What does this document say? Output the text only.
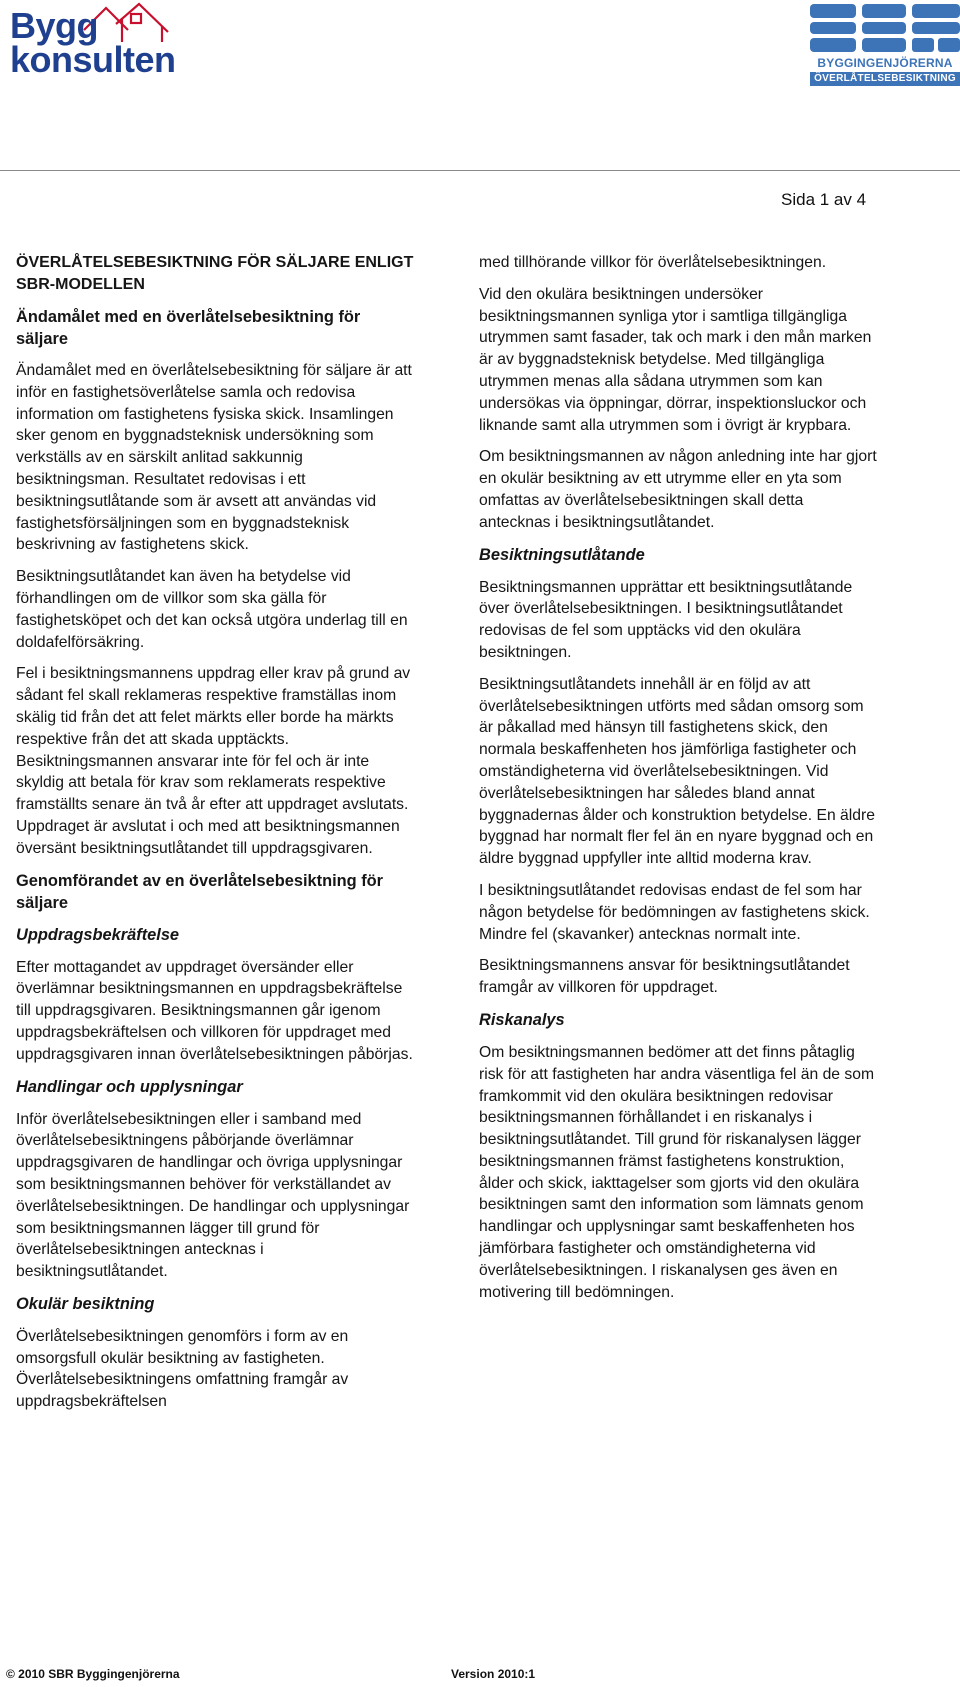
Bygg
konsulten	BYGGINGENJÖRERNA
ÖVERLÅTELSEBESIKTNING
Sida 1 av 4
ÖVERLÅTELSEBESIKTNING FÖR SÄLJARE ENLIGT SBR-MODELLEN
Ändamålet med en överlåtelsebesiktning för säljare

Ändamålet med en överlåtelsebesiktning för säljare är att inför en fastighetsöverlåtelse samla och redovisa information om fastighetens fysiska skick. Insamlingen sker genom en byggnadsteknisk undersökning som verkställs av en särskilt anlitad sakkunnig besiktningsman. Resultatet redovisas i ett besiktningsutlåtande som är avsett att användas vid fastighetsförsäljningen som en byggnadsteknisk beskrivning av fastighetens skick.

Besiktningsutlåtandet kan även ha betydelse vid förhandlingen om de villkor som ska gälla för fastighetsköpet och det kan också utgöra underlag till en doldafelförsäkring.

Fel i besiktningsmannens uppdrag eller krav på grund av sådant fel skall reklameras respektive framställas inom skälig tid från det att felet märkts eller borde ha märkts respektive från det att skada upptäckts. Besiktningsmannen ansvarar inte för fel och är inte skyldig att betala för krav som reklamerats respektive framställts senare än två år efter att uppdraget avslutats. Uppdraget är avslutat i och med att besiktningsmannen översänt besiktningsutlåtandet till uppdragsgivaren.

Genomförandet av en överlåtelsebesiktning för säljare
Uppdragsbekräftelse

Efter mottagandet av uppdraget översänder eller överlämnar besiktningsmannen en uppdragsbekräftelse till uppdragsgivaren. Besiktningsmannen går igenom uppdragsbekräftelsen och villkoren för uppdraget med uppdragsgivaren innan överlåtelsebesiktningen påbörjas.

Handlingar och upplysningar

Inför överlåtelsebesiktningen eller i samband med överlåtelsebesiktningens påbörjande överlämnar uppdragsgivaren de handlingar och övriga upplysningar som besiktningsmannen behöver för verkställandet av överlåtelsebesiktningen. De handlingar och upplysningar som besiktningsmannen lägger till grund för överlåtelsebesiktningen antecknas i besiktningsutlåtandet.

Okulär besiktning

Överlåtelsebesiktningen genomförs i form av en omsorgsfull okulär besiktning av fastigheten. Överlåtelsebesiktningens omfattning framgår av uppdragsbekräftelsen

med tillhörande villkor för överlåtelsebesiktningen.

Vid den okulära besiktningen undersöker besiktningsmannen synliga ytor i samtliga tillgängliga utrymmen samt fasader, tak och mark i den mån marken är av byggnadsteknisk betydelse. Med tillgängliga utrymmen menas alla sådana utrymmen som kan undersökas via öppningar, dörrar, inspektionsluckor och liknande samt alla utrymmen som i övrigt är krypbara.

Om besiktningsmannen av någon anledning inte har gjort en okulär besiktning av ett utrymme eller en yta som omfattas av överlåtelsebesiktningen skall detta antecknas i besiktningsutlåtandet.

Besiktningsutlåtande

Besiktningsmannen upprättar ett besiktningsutlåtande över överlåtelsebesiktningen. I besiktningsutlåtandet redovisas de fel som upptäcks vid den okulära besiktningen.

Besiktningsutlåtandets innehåll är en följd av att överlåtelsebesiktningen utförts med sådan omsorg som är påkallad med hänsyn till fastighetens skick, den normala beskaffenheten hos jämförliga fastigheter och omständigheterna vid överlåtelsebesiktningen. Vid överlåtelsebesiktningen har således bland annat byggnadernas ålder och konstruktion betydelse. En äldre byggnad har normalt fler fel än en nyare byggnad och en äldre byggnad uppfyller inte alltid moderna krav.

I besiktningsutlåtandet redovisas endast de fel som har någon betydelse för bedömningen av fastighetens skick. Mindre fel (skavanker) antecknas normalt inte.

Besiktningsmannens ansvar för besiktningsutlåtandet framgår av villkoren för uppdraget.

Riskanalys

Om besiktningsmannen bedömer att det finns påtaglig risk för att fastigheten har andra väsentliga fel än de som framkommit vid den okulära besiktningen redovisar besiktningsmannen förhållandet i en riskanalys i besiktningsutlåtandet. Till grund för riskanalysen lägger besiktningsmannen främst fastighetens konstruktion, ålder och skick, iakttagelser som gjorts vid den okulära besiktningen samt den information som lämnats genom handlingar och upplysningar samt beskaffenheten hos jämförbara fastigheter och omständigheterna vid överlåtelsebesiktningen. I riskanalysen ges även en motivering till bedömningen.

© 2010 SBR Byggingenjörerna	Version 2010:1
